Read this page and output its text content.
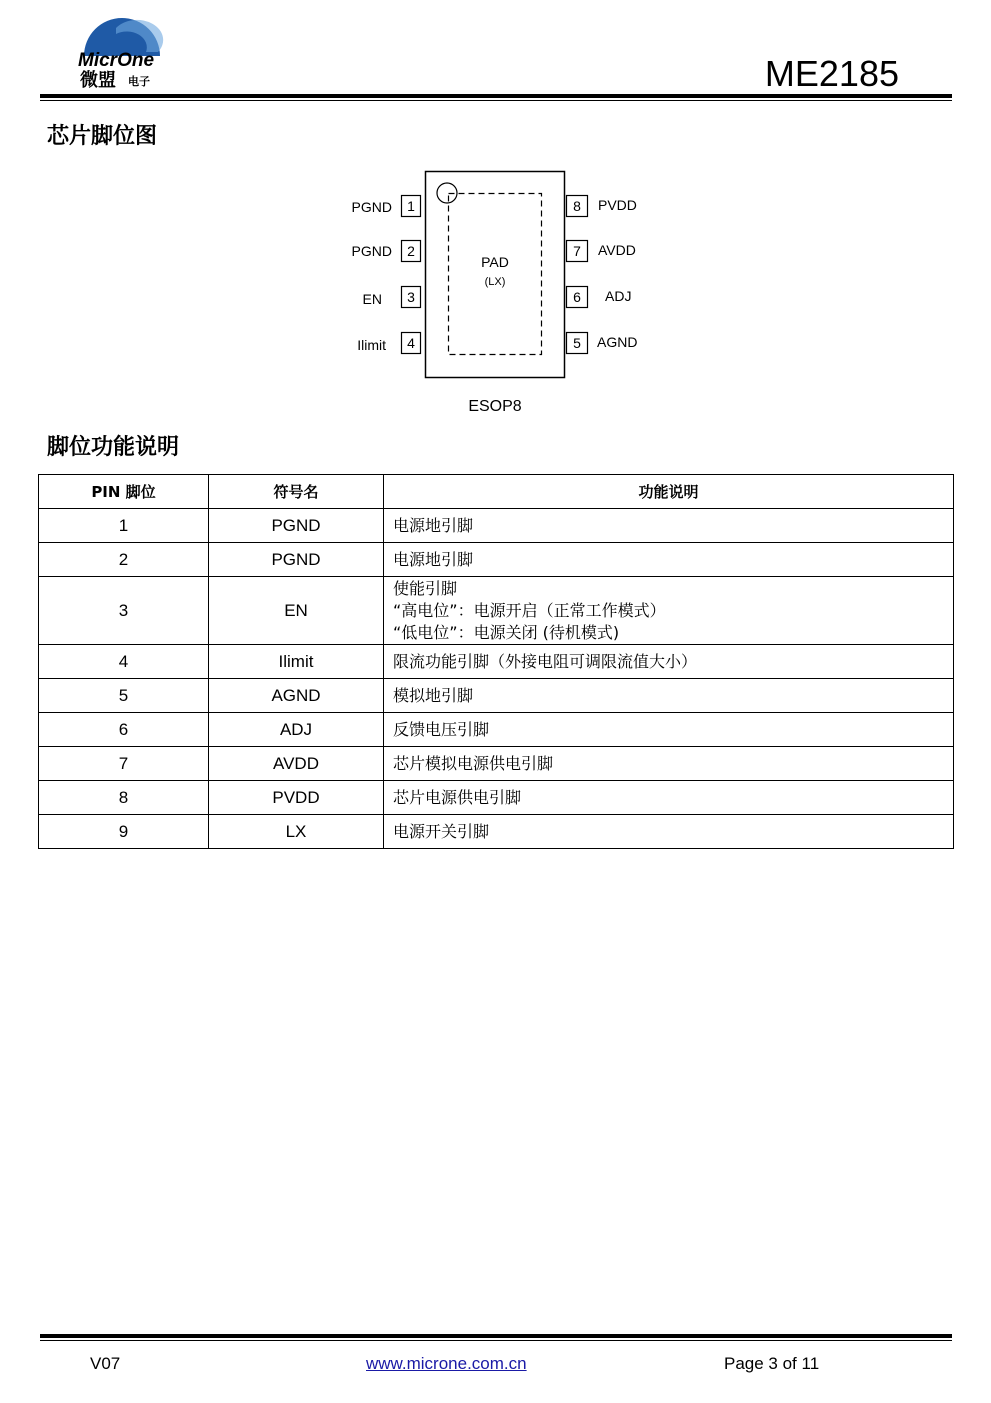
MicrOne
微盟 电子	ME2185
芯片脚位图
PAD
(LX)
1
PGND
2
PGND
3
EN
4
Ilimit
8 PVDD
7 AVDD
6 ADJ
5 AGND
ESOP8
脚位功能说明
PIN 脚位	符号名	功能说明
1	PGND	电源地引脚
2	PGND	电源地引脚
3	EN	使能引脚
“高电位”：电源开启（正常工作模式）
“低电位”：电源关闭 (待机模式)

4	Ilimit	限流功能引脚（外接电阻可调限流值大小）
5	AGND	模拟地引脚
6	ADJ	反馈电压引脚
7	AVDD	芯片模拟电源供电引脚
8	PVDD	芯片电源供电引脚
9	LX	电源开关引脚
V07	www.microne.com.cn	Page 3 of 11
